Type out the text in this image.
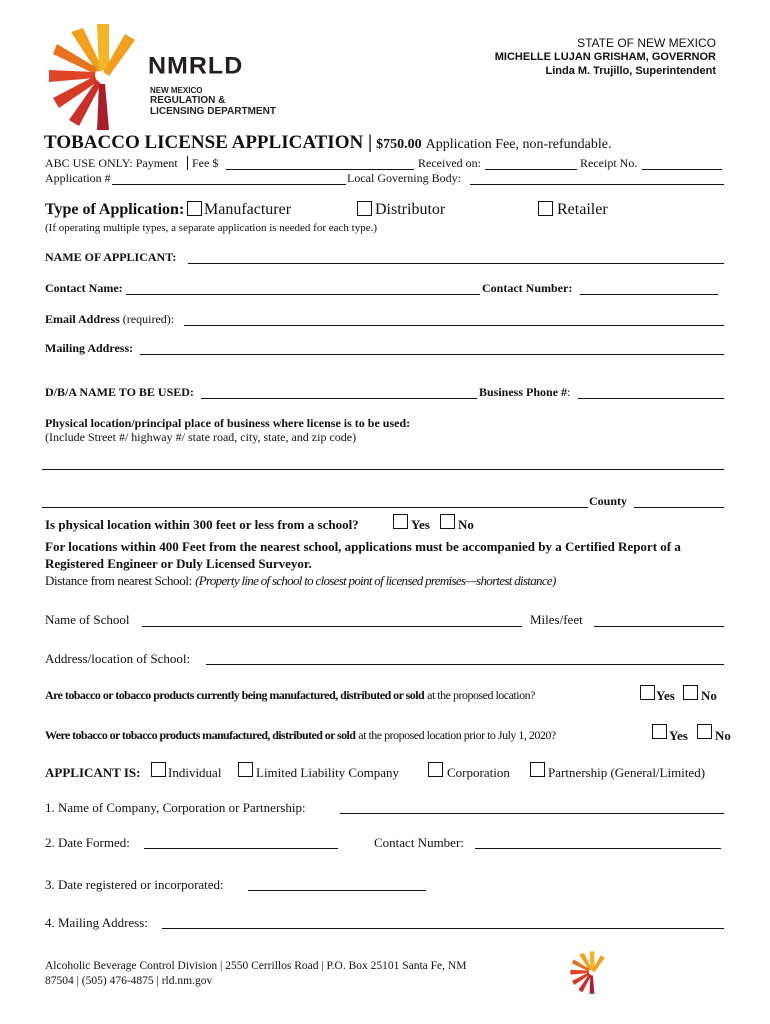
NMRLD
NEW MEXICO
REGULATION &
LICENSING DEPARTMENT
STATE OF NEW MEXICO
MICHELLE LUJAN GRISHAM, GOVERNOR
Linda M. Trujillo, Superintendent
TOBACCO LICENSE APPLICATION | $750.00 Application Fee, non-refundable.
ABC USE ONLY: Payment Fee $	Received on:	Receipt No.
Application #	Local Governing Body:
Type of Application: Manufacturer	Distributor	Retailer
(If operating multiple types, a separate application is needed for each type.)
NAME OF APPLICANT:
Contact Name:	Contact Number:
Email Address (required):
Mailing Address:
D/B/A NAME TO BE USED:	Business Phone #:
Physical location/principal place of business where license is to be used:
(Include Street #/ highway #/ state road, city, state, and zip code)
County
Is physical location within 300 feet or less from a school?	Yes No
For locations within 400 Feet from the nearest school, applications must be accompanied by a Certified Report of a Registered Engineer or Duly Licensed Surveyor.
Distance from nearest School: (Property line of school to closest point of licensed premises—shortest distance)
Name of School	Miles/feet
Address/location of School:
Are tobacco or tobacco products currently being manufactured, distributed or sold at the proposed location?	Yes No
Were tobacco or tobacco products manufactured, distributed or sold at the proposed location prior to July 1, 2020?	Yes No
APPLICANT IS: Individual	Limited Liability Company	Corporation	Partnership (General/Limited)
1. Name of Company, Corporation or Partnership:
2. Date Formed:	Contact Number:
3. Date registered or incorporated:
4. Mailing Address:
Alcoholic Beverage Control Division | 2550 Cerrillos Road | P.O. Box 25101 Santa Fe, NM
87504 | (505) 476-4875 | rld.nm.gov
